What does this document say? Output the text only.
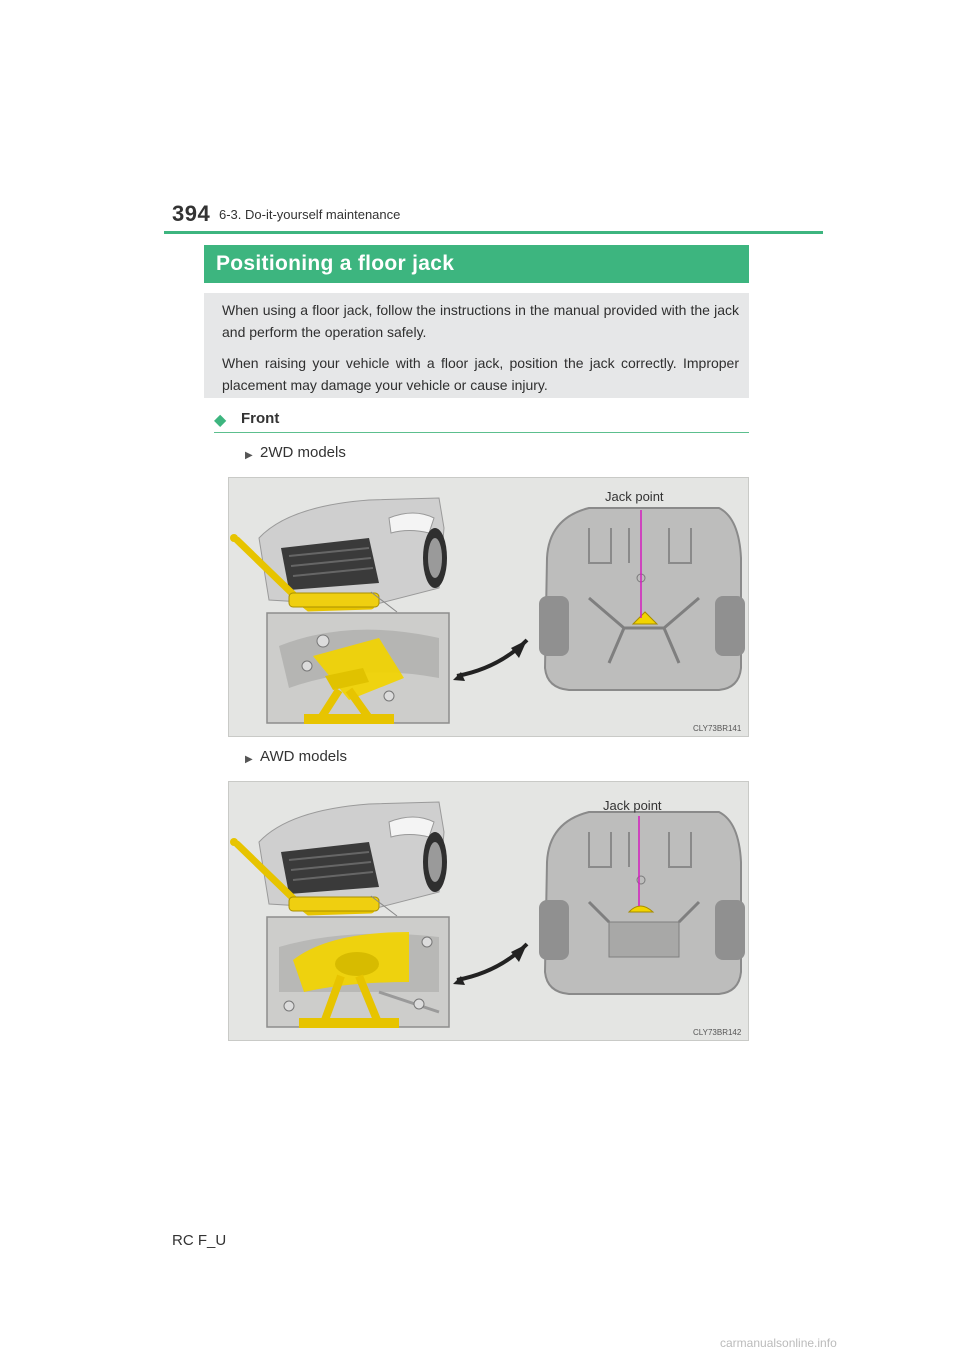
394 6-3. Do-it-yourself maintenance
Positioning a floor jack

When using a floor jack, follow the instructions in the manual provided with the jack and perform the operation safely.

When raising your vehicle with a floor jack, position the jack correctly. Improper placement may damage your vehicle or cause injury.

◆ Front
▶ 2WD models
Jack point
CLY73BR141
▶ AWD models
Jack point
CLY73BR142
RC F_U
carmanualsonline.info
